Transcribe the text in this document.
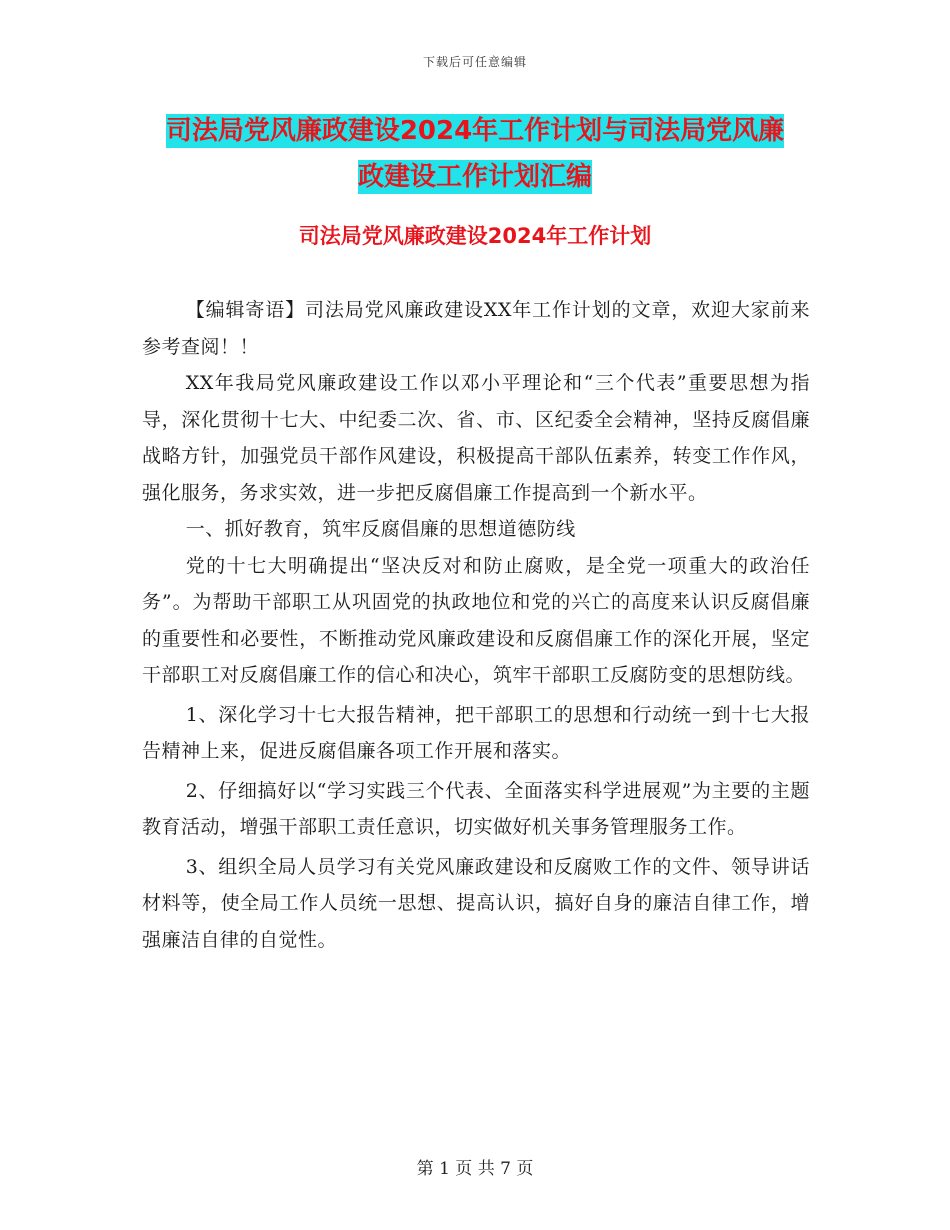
下载后可任意编辑
司法局党风廉政建设2024年工作计划与司法局党风廉
政建设工作计划汇编
司法局党风廉政建设2024年工作计划

【编辑寄语】司法局党风廉政建设XX年工作计划的文章，欢迎大家前来参考查阅！！

XX年我局党风廉政建设工作以邓小平理论和“三个代表”重要思想为指导，深化贯彻十七大、中纪委二次、省、市、区纪委全会精神，坚持反腐倡廉战略方针，加强党员干部作风建设，积极提高干部队伍素养，转变工作作风，强化服务，务求实效，进一步把反腐倡廉工作提高到一个新水平。

一、抓好教育，筑牢反腐倡廉的思想道德防线

党的十七大明确提出“坚决反对和防止腐败，是全党一项重大的政治任务”。为帮助干部职工从巩固党的执政地位和党的兴亡的高度来认识反腐倡廉的重要性和必要性，不断推动党风廉政建设和反腐倡廉工作的深化开展，坚定干部职工对反腐倡廉工作的信心和决心，筑牢干部职工反腐防变的思想防线。

1、深化学习十七大报告精神，把干部职工的思想和行动统一到十七大报告精神上来，促进反腐倡廉各项工作开展和落实。

2、仔细搞好以“学习实践三个代表、全面落实科学进展观”为主要的主题教育活动，增强干部职工责任意识，切实做好机关事务管理服务工作。

3、组织全局人员学习有关党风廉政建设和反腐败工作的文件、领导讲话材料等，使全局工作人员统一思想、提高认识，搞好自身的廉洁自律工作，增强廉洁自律的自觉性。

第 1 页 共 7 页
